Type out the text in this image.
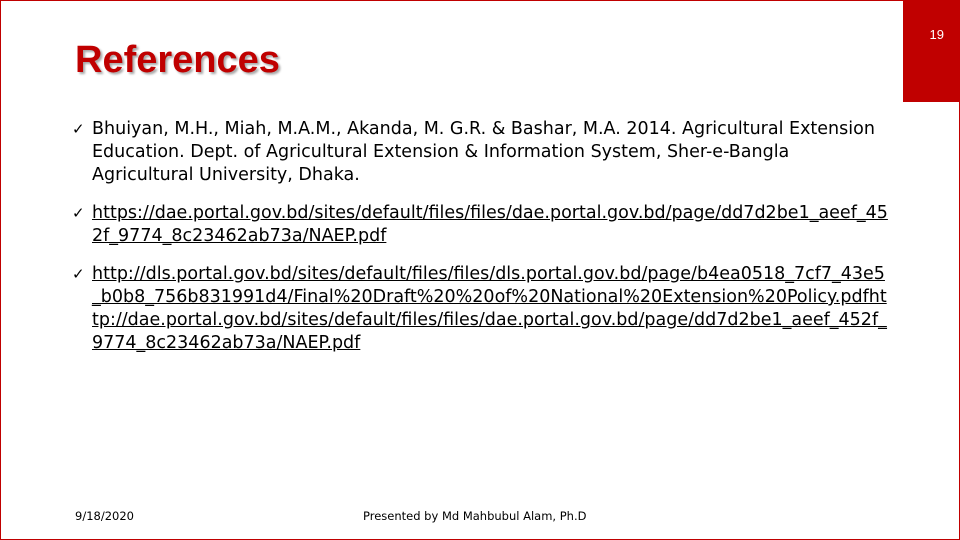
19
References
✓ Bhuiyan, M.H., Miah, M.A.M., Akanda, M. G.R. & Bashar, M.A. 2014. Agricultural Extension Education. Dept. of Agricultural Extension & Information System, Sher-e-Bangla Agricultural University, Dhaka.
✓ https://dae.portal.gov.bd/sites/default/files/files/dae.portal.gov.bd/page/dd7d2be1_aeef_452f_9774_8c23462ab73a/NAEP.pdf
✓ http://dls.portal.gov.bd/sites/default/files/files/dls.portal.gov.bd/page/b4ea0518_7cf7_43e5_b0b8_756b831991d4/Final%20Draft%20%20of%20National%20Extension%20Policy.pdfhttp://dae.portal.gov.bd/sites/default/files/files/dae.portal.gov.bd/page/dd7d2be1_aeef_452f_9774_8c23462ab73a/NAEP.pdf
9/18/2020	Presented by Md Mahbubul Alam, Ph.D
